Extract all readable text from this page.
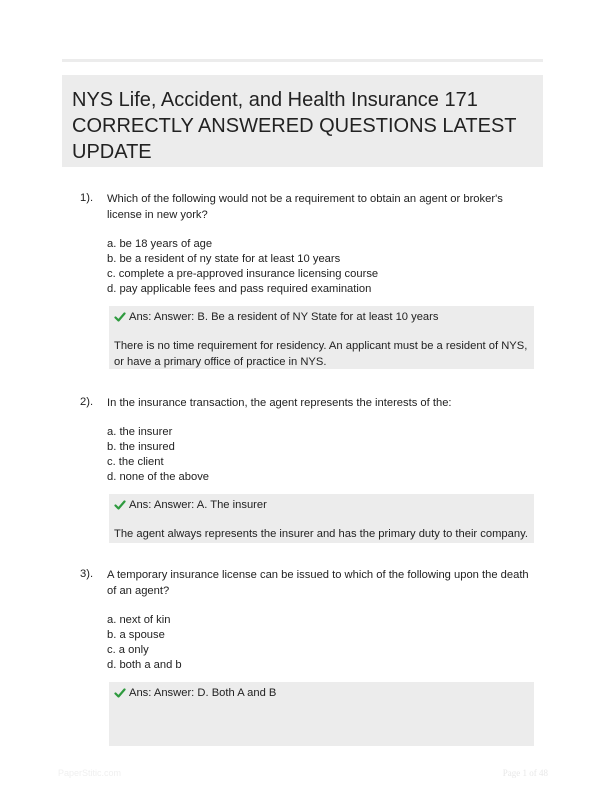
NYS Life, Accident, and Health Insurance 171 CORRECTLY ANSWERED QUESTIONS LATEST UPDATE
1). Which of the following would not be a requirement to obtain an agent or broker's license in new york?

a. be 18 years of age
b. be a resident of ny state for at least 10 years
c. complete a pre-approved insurance licensing course
d. pay applicable fees and pass required examination
Ans: Answer: B. Be a resident of NY State for at least 10 years
There is no time requirement for residency. An applicant must be a resident of NYS, or have a primary office of practice in NYS.
2). In the insurance transaction, the agent represents the interests of the:

a. the insurer
b. the insured
c. the client
d. none of the above
Ans: Answer: A. The insurer
The agent always represents the insurer and has the primary duty to their company.
3). A temporary insurance license can be issued to which of the following upon the death of an agent?

a. next of kin
b. a spouse
c. a only
d. both a and b
Ans: Answer: D. Both A and B
PaperStitic.com	Page 1 of 48
